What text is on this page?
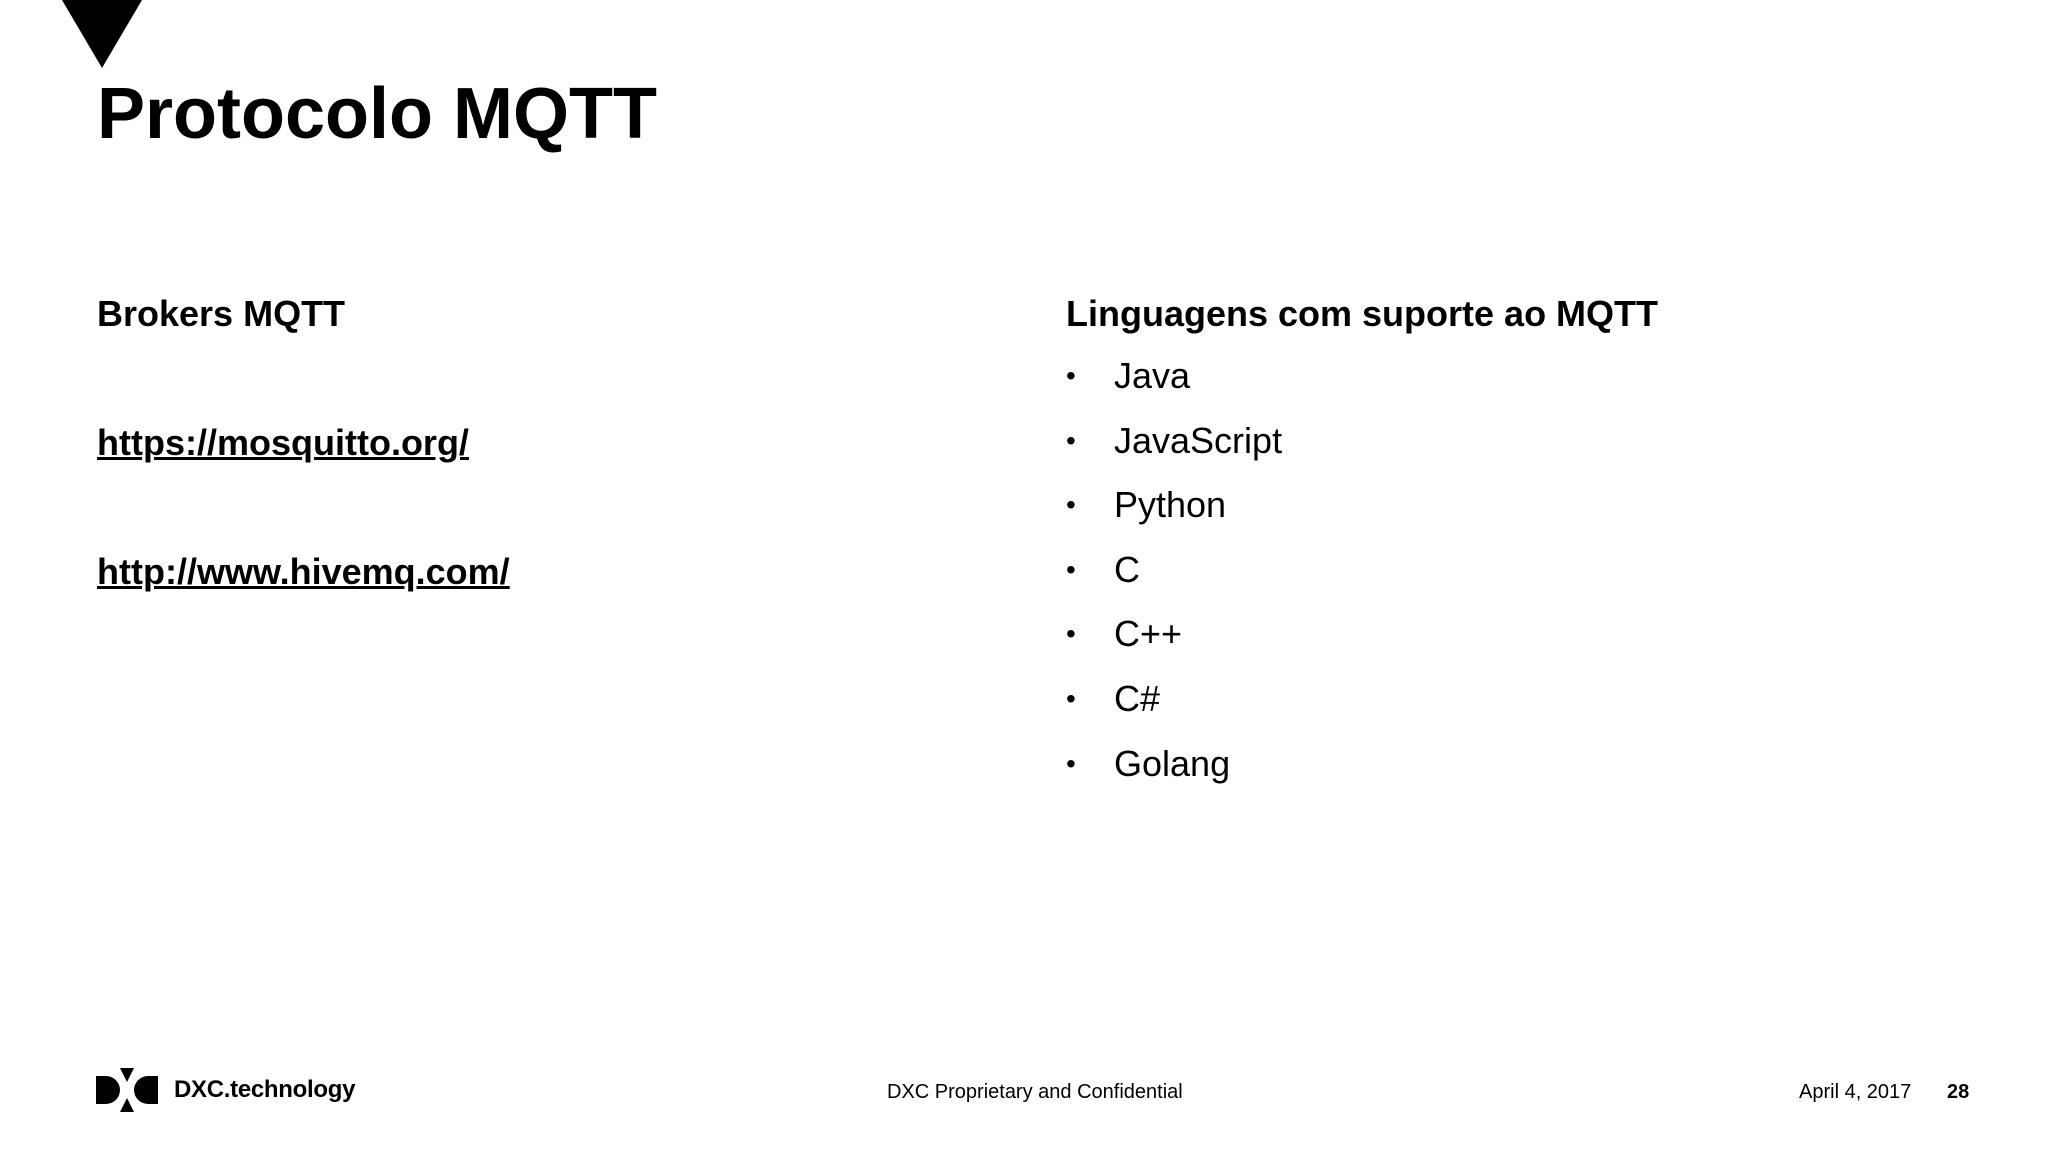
Protocolo MQTT
Brokers MQTT
https://mosquitto.org/
http://www.hivemq.com/
Linguagens com suporte ao MQTT
• Java
• JavaScript
• Python
• C
• C++
• C#
• Golang
DXC.technology	DXC Proprietary and Confidential	April 4, 2017 28
